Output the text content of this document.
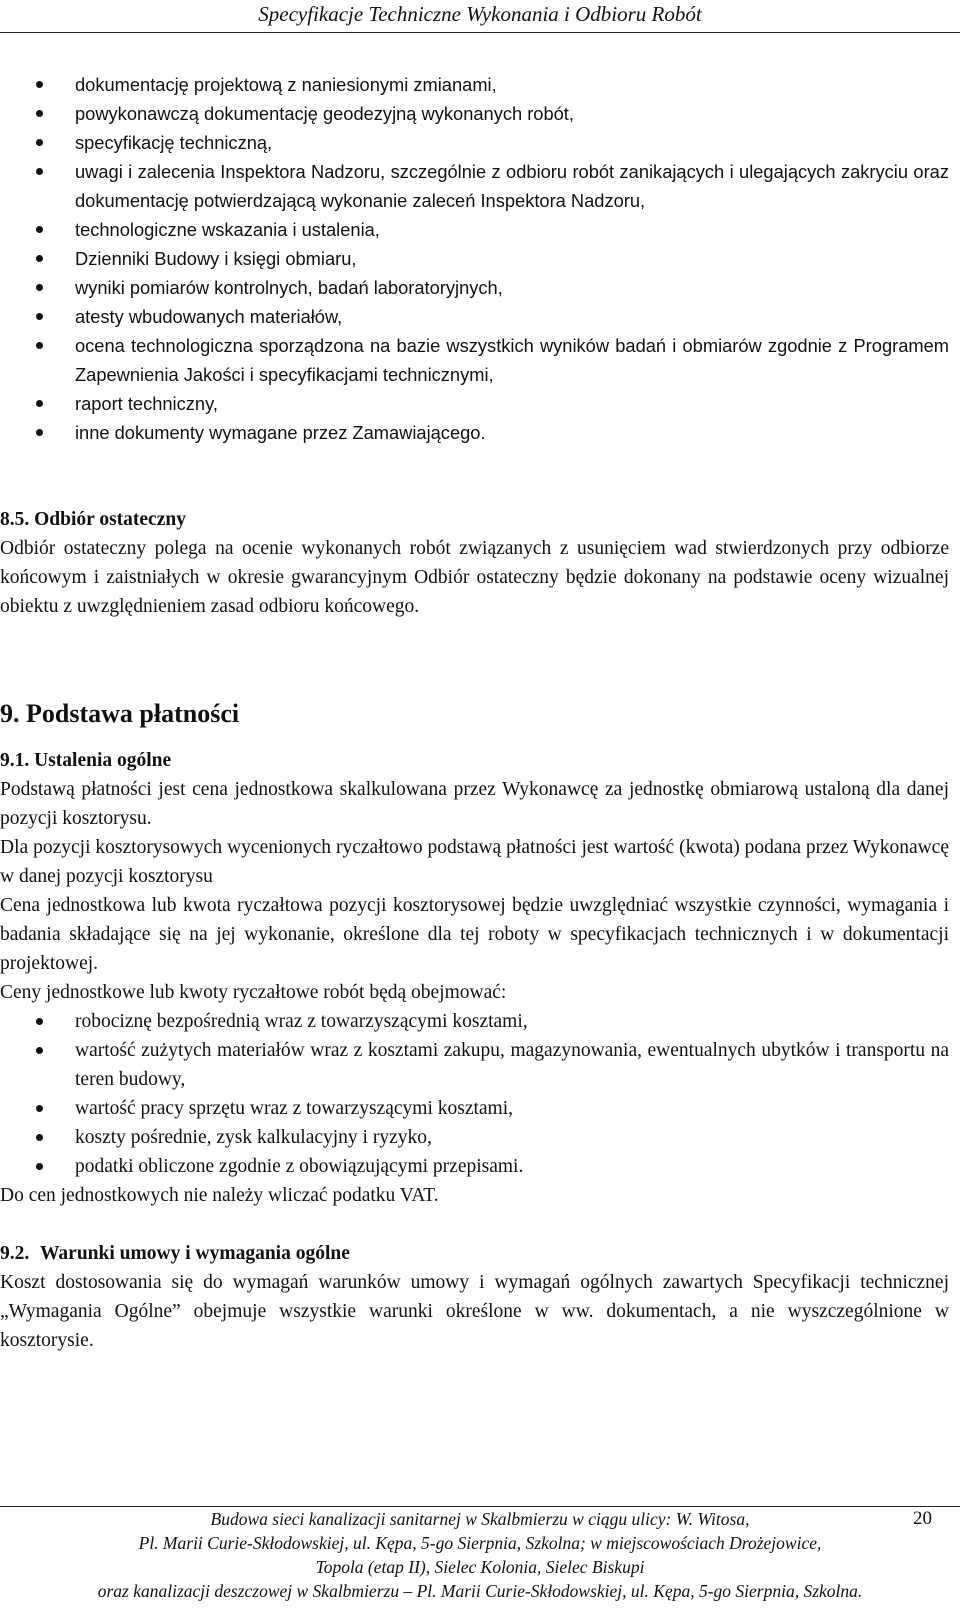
Specyfikacje Techniczne Wykonania i Odbioru Robót
dokumentację projektową z naniesionymi zmianami,
powykonawczą dokumentację geodezyjną wykonanych robót,
specyfikację techniczną,
uwagi i zalecenia Inspektora Nadzoru, szczególnie z odbioru robót zanikających i ulegających zakryciu oraz dokumentację potwierdzającą wykonanie zaleceń Inspektora Nadzoru,
technologiczne wskazania i ustalenia,
Dzienniki Budowy i księgi obmiaru,
wyniki pomiarów kontrolnych, badań laboratoryjnych,
atesty wbudowanych materiałów,
ocena technologiczna sporządzona na bazie wszystkich wyników badań i obmiarów zgodnie z Programem Zapewnienia Jakości i specyfikacjami technicznymi,
raport techniczny,
inne dokumenty wymagane przez Zamawiającego.
8.5. Odbiór ostateczny

Odbiór ostateczny polega na ocenie wykonanych robót związanych z usunięciem wad stwierdzonych przy odbiorze końcowym i zaistniałych w okresie gwarancyjnym Odbiór ostateczny będzie dokonany na podstawie oceny wizualnej obiektu z uwzględnieniem zasad odbioru końcowego.

9. Podstawa płatności
9.1. Ustalenia ogólne

Podstawą płatności jest cena jednostkowa skalkulowana przez Wykonawcę za jednostkę obmiarową ustaloną dla danej pozycji kosztorysu.

Dla pozycji kosztorysowych wycenionych ryczałtowo podstawą płatności jest wartość (kwota) podana przez Wykonawcę w danej pozycji kosztorysu

Cena jednostkowa lub kwota ryczałtowa pozycji kosztorysowej będzie uwzględniać wszystkie czynności, wymagania i badania składające się na jej wykonanie, określone dla tej roboty w specyfikacjach technicznych i w dokumentacji projektowej.

Ceny jednostkowe lub kwoty ryczałtowe robót będą obejmować:

robociznę bezpośrednią wraz z towarzyszącymi kosztami,
wartość zużytych materiałów wraz z kosztami zakupu, magazynowania, ewentualnych ubytków i transportu na teren budowy,
wartość pracy sprzętu wraz z towarzyszącymi kosztami,
koszty pośrednie, zysk kalkulacyjny i ryzyko,
podatki obliczone zgodnie z obowiązującymi przepisami.

Do cen jednostkowych nie należy wliczać podatku VAT.

9.2. Warunki umowy i wymagania ogólne

Koszt dostosowania się do wymagań warunków umowy i wymagań ogólnych zawartych Specyfikacji technicznej „Wymagania Ogólne” obejmuje wszystkie warunki określone w ww. dokumentach, a nie wyszczególnione w kosztorysie.

Budowa sieci kanalizacji sanitarnej w Skalbmierzu w ciągu ulicy: W. Witosa,
Pl. Marii Curie-Skłodowskiej, ul. Kępa, 5-go Sierpnia, Szkolna; w miejscowościach Drożejowice,
Topola (etap II), Sielec Kolonia, Sielec Biskupi
oraz kanalizacji deszczowej w Skalbmierzu – Pl. Marii Curie-Skłodowskiej, ul. Kępa, 5-go Sierpnia, Szkolna.
20
